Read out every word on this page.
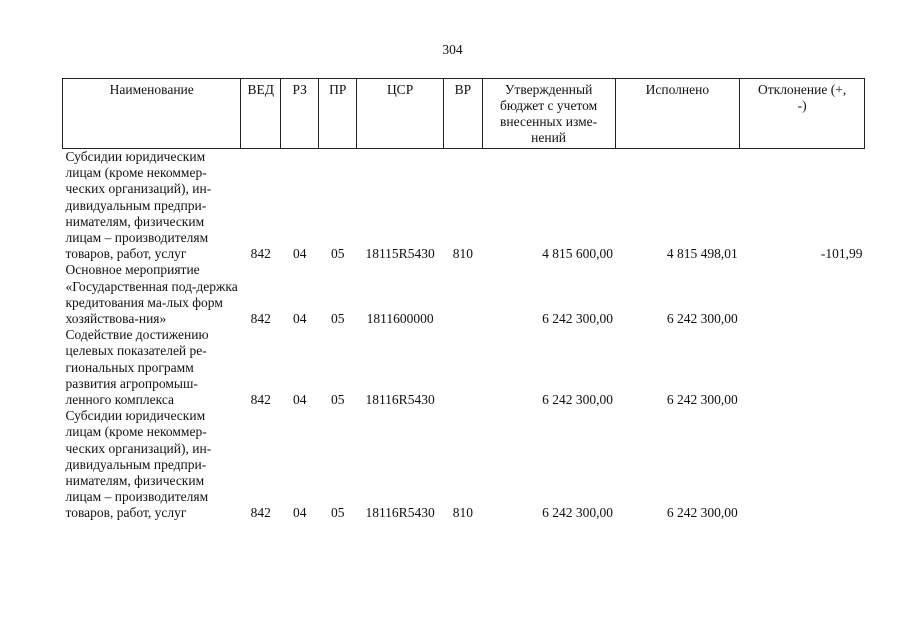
304
Наименование	ВЕД	РЗ	ПР	ЦСР	ВР	Утвержденный бюджет с учетом внесенных изме-нений	Исполнено	Отклонение (+, -)
Субсидии юридическим лицам (кроме некоммер-ческих организаций), ин-дивидуальным предпри-нимателям, физическим лицам – производителям товаров, работ, услуг	842	04	05	18115R5430	810	4 815 600,00	4 815 498,01	-101,99
Основное мероприятие «Государственная под-держка кредитования ма-лых форм хозяйствова-ния»	842	04	05	1811600000		6 242 300,00	6 242 300,00	
Содействие достижению целевых показателей ре-гиональных программ развития агропромыш-ленного комплекса	842	04	05	18116R5430		6 242 300,00	6 242 300,00	
Субсидии юридическим лицам (кроме некоммер-ческих организаций), ин-дивидуальным предпри-нимателям, физическим лицам – производителям товаров, работ, услуг	842	04	05	18116R5430	810	6 242 300,00	6 242 300,00	
